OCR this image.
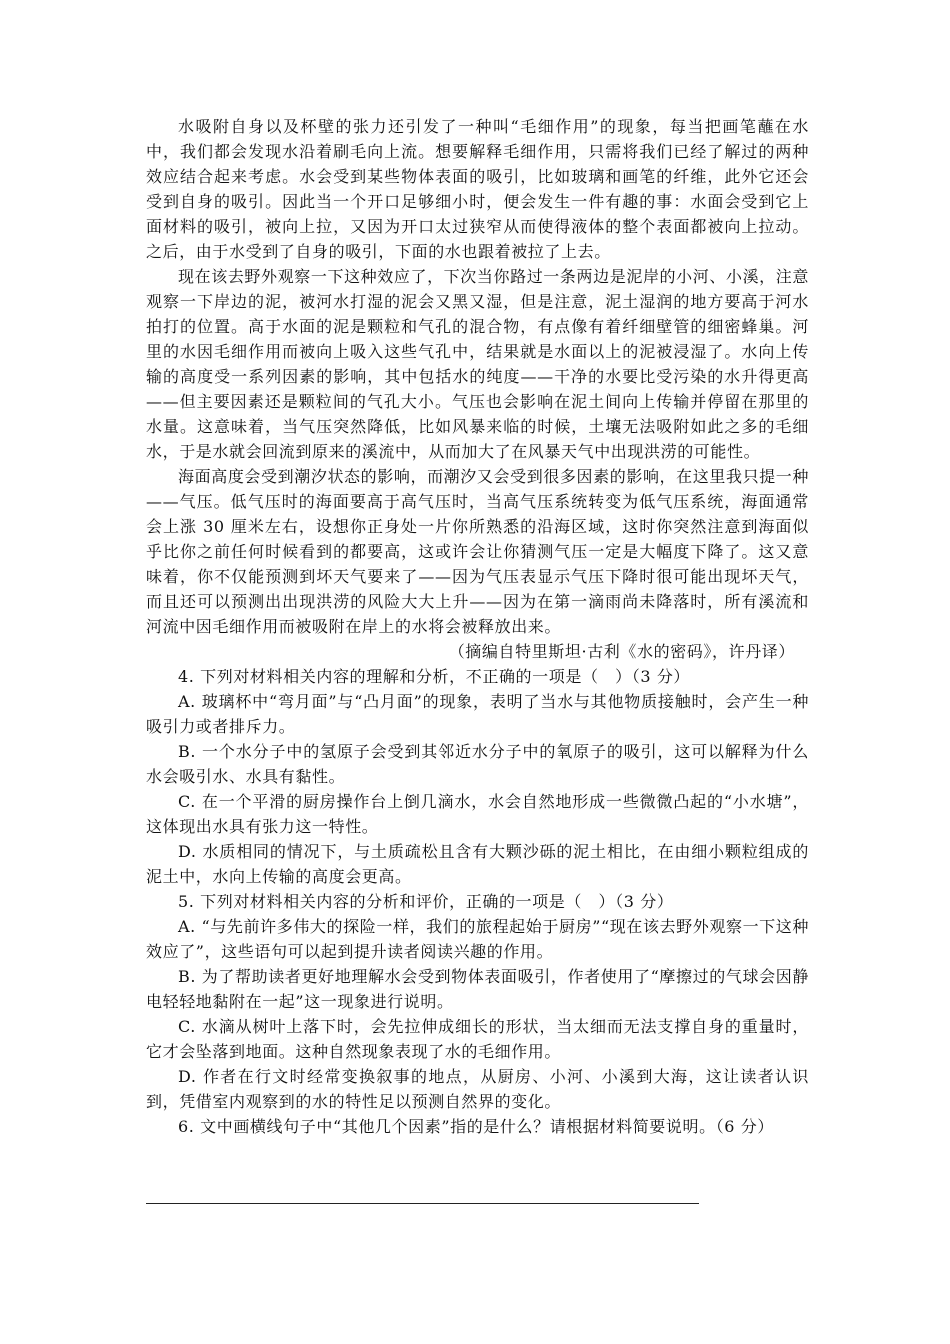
水吸附自身以及杯壁的张力还引发了一种叫“毛细作用”的现象，每当把画笔蘸在水中，我们都会发现水沿着刷毛向上流。想要解释毛细作用，只需将我们已经了解过的两种效应结合起来考虑。水会受到某些物体表面的吸引，比如玻璃和画笔的纤维，此外它还会受到自身的吸引。因此当一个开口足够细小时，便会发生一件有趣的事：水面会受到它上面材料的吸引，被向上拉，又因为开口太过狭窄从而使得液体的整个表面都被向上拉动。之后，由于水受到了自身的吸引，下面的水也跟着被拉了上去。

现在该去野外观察一下这种效应了，下次当你路过一条两边是泥岸的小河、小溪，注意观察一下岸边的泥，被河水打湿的泥会又黑又湿，但是注意，泥土湿润的地方要高于河水拍打的位置。高于水面的泥是颗粒和气孔的混合物，有点像有着纤细壁管的细密蜂巢。河里的水因毛细作用而被向上吸入这些气孔中，结果就是水面以上的泥被浸湿了。水向上传输的高度受一系列因素的影响，其中包括水的纯度——干净的水要比受污染的水升得更高——但主要因素还是颗粒间的气孔大小。气压也会影响在泥土间向上传输并停留在那里的水量。这意味着，当气压突然降低，比如风暴来临的时候，土壤无法吸附如此之多的毛细水，于是水就会回流到原来的溪流中，从而加大了在风暴天气中出现洪涝的可能性。

海面高度会受到潮汐状态的影响，而潮汐又会受到很多因素的影响，在这里我只提一种——气压。低气压时的海面要高于高气压时，当高气压系统转变为低气压系统，海面通常会上涨 30 厘米左右，设想你正身处一片你所熟悉的沿海区域，这时你突然注意到海面似乎比你之前任何时候看到的都要高，这或许会让你猜测气压一定是大幅度下降了。这又意味着，你不仅能预测到坏天气要来了——因为气压表显示气压下降时很可能出现坏天气，而且还可以预测出出现洪涝的风险大大上升——因为在第一滴雨尚未降落时，所有溪流和河流中因毛细作用而被吸附在岸上的水将会被释放出来。

（摘编自特里斯坦·古利《水的密码》，许丹译）

4. 下列对材料相关内容的理解和分析，不正确的一项是（　）（3 分）

A. 玻璃杯中“弯月面”与“凸月面”的现象，表明了当水与其他物质接触时，会产生一种吸引力或者排斥力。

B. 一个水分子中的氢原子会受到其邻近水分子中的氧原子的吸引，这可以解释为什么水会吸引水、水具有黏性。

C. 在一个平滑的厨房操作台上倒几滴水，水会自然地形成一些微微凸起的“小水塘”，这体现出水具有张力这一特性。

D. 水质相同的情况下，与土质疏松且含有大颗沙砾的泥土相比，在由细小颗粒组成的泥土中，水向上传输的高度会更高。

5. 下列对材料相关内容的分析和评价，正确的一项是（　）（3 分）

A. “与先前许多伟大的探险一样，我们的旅程起始于厨房”“现在该去野外观察一下这种效应了”，这些语句可以起到提升读者阅读兴趣的作用。

B. 为了帮助读者更好地理解水会受到物体表面吸引，作者使用了“摩擦过的气球会因静电轻轻地黏附在一起”这一现象进行说明。

C. 水滴从树叶上落下时，会先拉伸成细长的形状，当太细而无法支撑自身的重量时，它才会坠落到地面。这种自然现象表现了水的毛细作用。

D. 作者在行文时经常变换叙事的地点，从厨房、小河、小溪到大海，这让读者认识到，凭借室内观察到的水的特性足以预测自然界的变化。

6. 文中画横线句子中“其他几个因素”指的是什么？请根据材料简要说明。（6 分）
